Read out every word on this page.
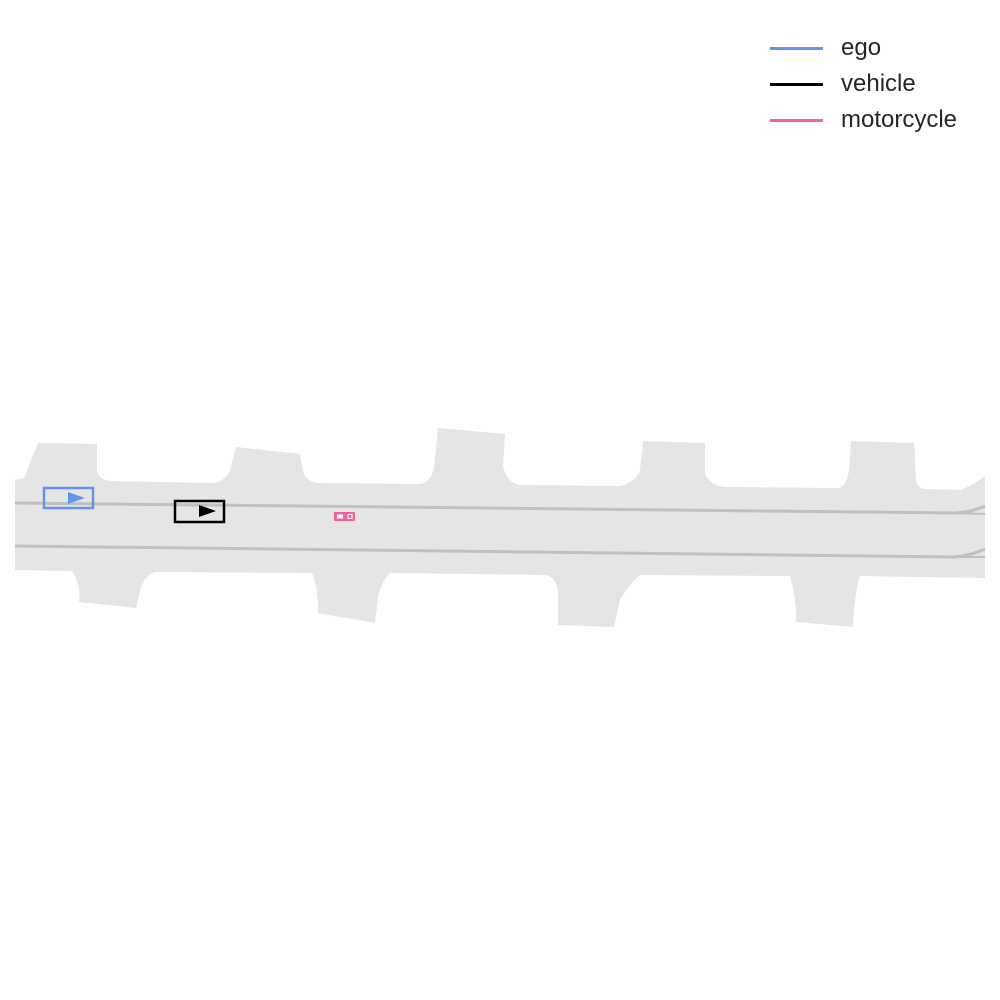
ego
vehicle
motorcycle
